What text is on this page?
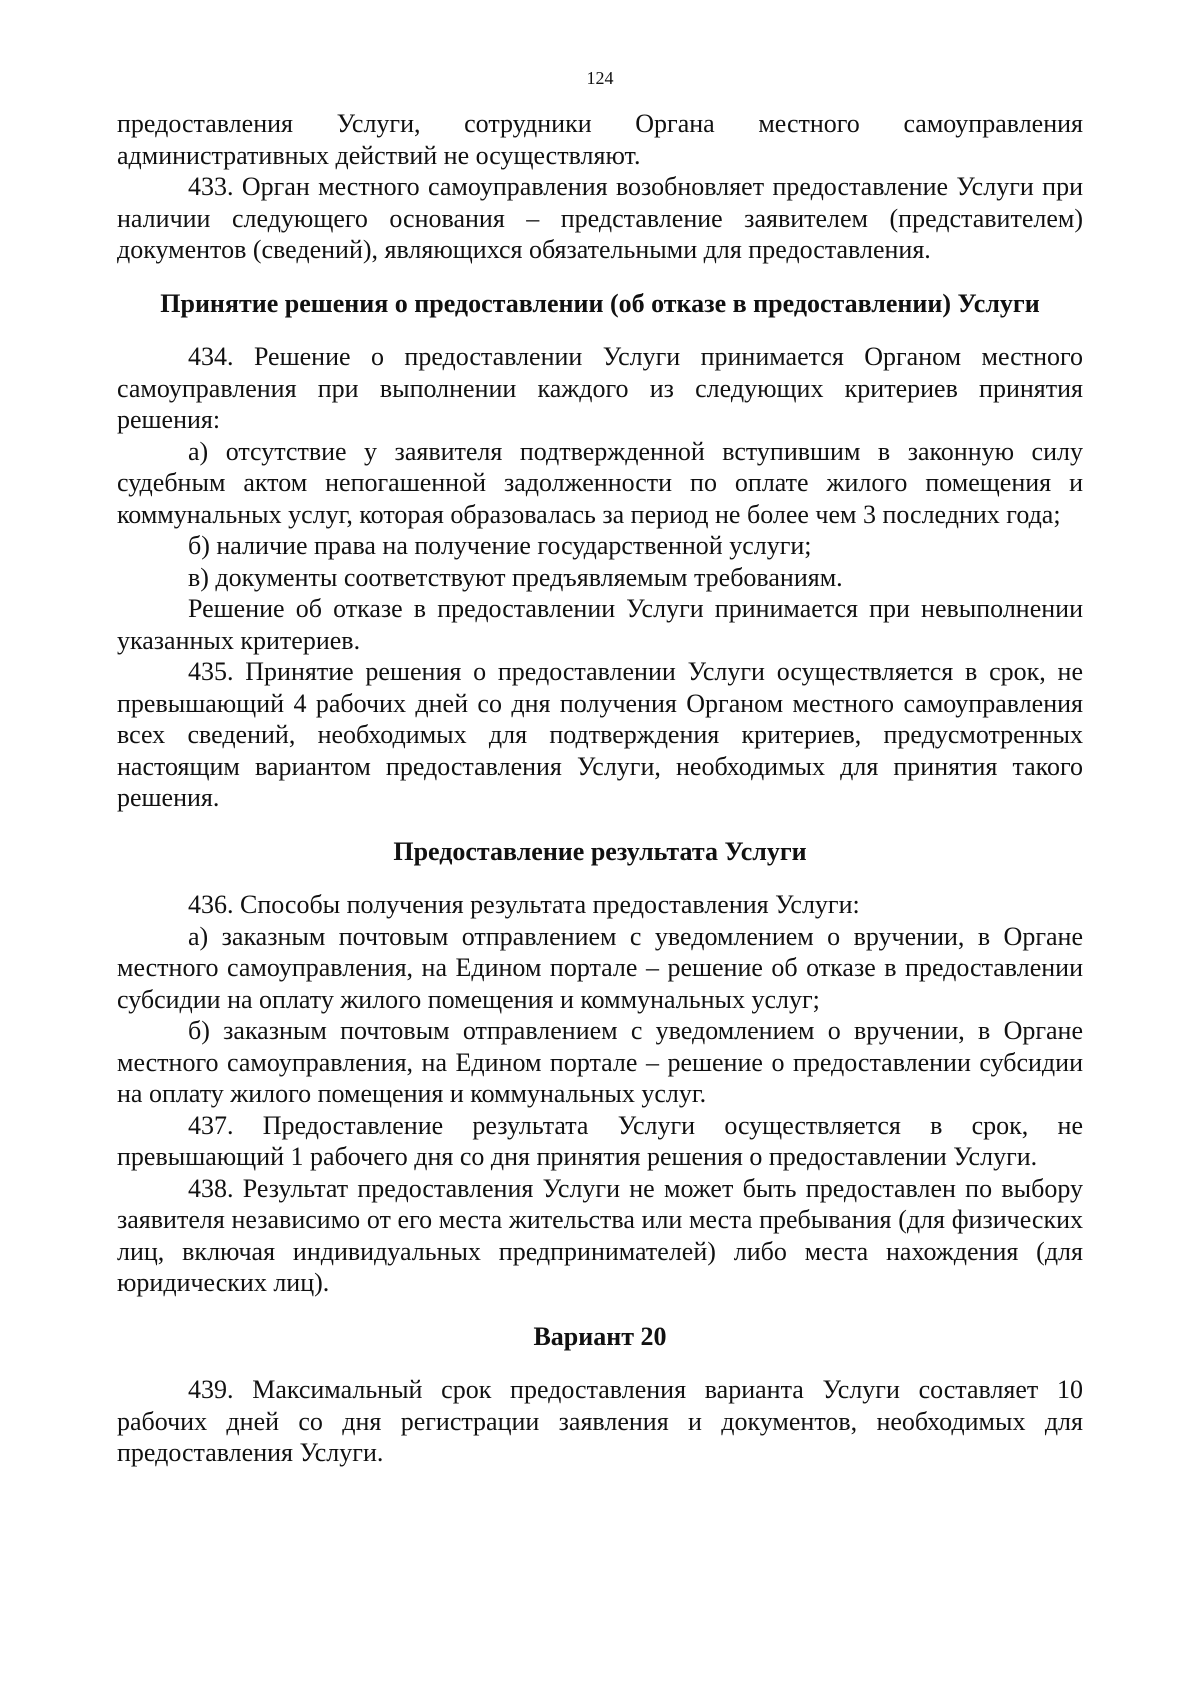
124

предоставления Услуги, сотрудники Органа местного самоуправления административных действий не осуществляют.

433. Орган местного самоуправления возобновляет предоставление Услуги при наличии следующего основания – представление заявителем (представителем) документов (сведений), являющихся обязательными для предоставления.

Принятие решения о предоставлении (об отказе в предоставлении) Услуги

434. Решение о предоставлении Услуги принимается Органом местного самоуправления при выполнении каждого из следующих критериев принятия решения:

а) отсутствие у заявителя подтвержденной вступившим в законную силу судебным актом непогашенной задолженности по оплате жилого помещения и коммунальных услуг, которая образовалась за период не более чем 3 последних года;

б) наличие права на получение государственной услуги;

в) документы соответствуют предъявляемым требованиям.

Решение об отказе в предоставлении Услуги принимается при невыполнении указанных критериев.

435. Принятие решения о предоставлении Услуги осуществляется в срок, не превышающий 4 рабочих дней со дня получения Органом местного самоуправления всех сведений, необходимых для подтверждения критериев, предусмотренных настоящим вариантом предоставления Услуги, необходимых для принятия такого решения.

Предоставление результата Услуги

436. Способы получения результата предоставления Услуги:

а) заказным почтовым отправлением с уведомлением о вручении, в Органе местного самоуправления, на Едином портале – решение об отказе в предоставлении субсидии на оплату жилого помещения и коммунальных услуг;

б) заказным почтовым отправлением с уведомлением о вручении, в Органе местного самоуправления, на Едином портале – решение о предоставлении субсидии на оплату жилого помещения и коммунальных услуг.

437. Предоставление результата Услуги осуществляется в срок, не превышающий 1 рабочего дня со дня принятия решения о предоставлении Услуги.

438. Результат предоставления Услуги не может быть предоставлен по выбору заявителя независимо от его места жительства или места пребывания (для физических лиц, включая индивидуальных предпринимателей) либо места нахождения (для юридических лиц).

Вариант 20

439. Максимальный срок предоставления варианта Услуги составляет 10 рабочих дней со дня регистрации заявления и документов, необходимых для предоставления Услуги.
